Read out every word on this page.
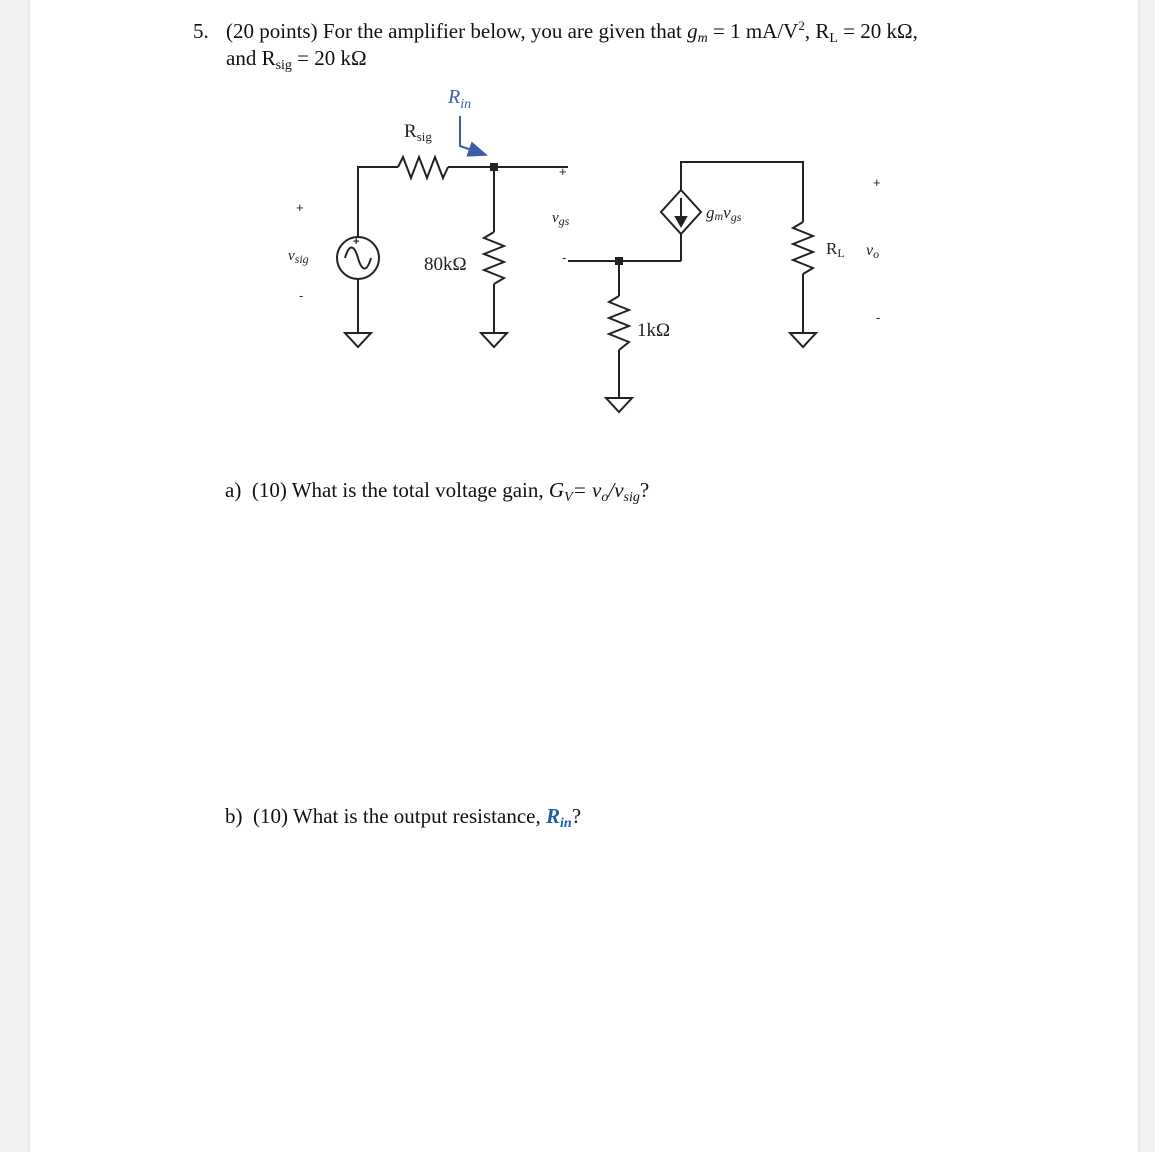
5. (20 points) For the amplifier below, you are given that $g_m = 1$ $mA/V^2$, $R_L = 20$ kΩ,
and $R_{sig} = 20$ kΩ
+
$R_{in}$
$R_{sig}$
+
$v_{sig}$
-
80kΩ
+
$v_{gs}$
-
gmvgs
1kΩ
+
RL vo
-
a) (10) What is the total voltage gain, $G_V= v_o/v_{sig}$?
b) (10) What is the output resistance, $R_{in}$?
